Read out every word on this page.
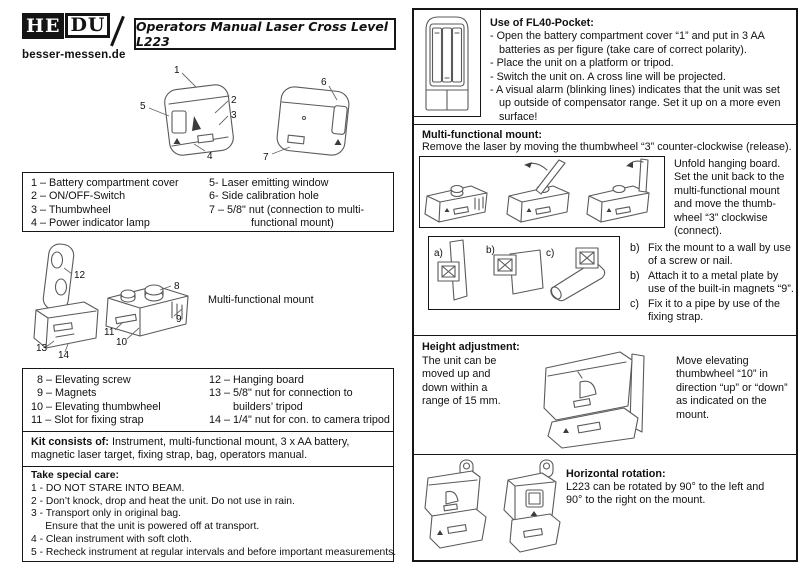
HE DÜ
besser-messen.de
Operators Manual Laser Cross Level L223
1
2
3
5
4
6
7
1 – Battery compartment cover
2 – ON/OFF-Switch
3 – Thumbwheel
4 – Power indicator lamp
5- Laser emitting window
6- Side calibration hole
7 – 5/8" nut (connection to multi-
functional mount)
12
8
9
11
10
13
14
Multi-functional mount
8 – Elevating screw
9 – Magnets
10 – Elevating thumbwheel
11 – Slot for fixing strap
12 – Hanging board
13 – 5/8" nut for connection to
builders’ tripod
14 – 1/4" nut for con. to camera tripod
Kit consists of: Instrument, multi-functional mount, 3 x AA battery, magnetic laser target, fixing strap, bag, operators manual.
Take special care:
1 - DO NOT STARE INTO BEAM.
2 - Don’t knock, drop and heat the unit. Do not use in rain.
3 - Transport only in original bag.
Ensure that the unit is powered off at transport.
4 - Clean instrument with soft cloth.
5 - Recheck instrument at regular intervals and before important measurements.
Use of FL40-Pocket:
- Open the battery compartment cover “1” and put in 3 AA batteries as per figure (take care of correct polarity).
- Place the unit on a platform or tripod.
- Switch the unit on. A cross line will be projected.
- A visual alarm (blinking lines) indicates that the unit was set up outside of compensator range. Set it up on a more even surface!
Multi-functional mount:
Remove the laser by moving the thumbwheel “3” counter-clockwise (release).
Unfold hanging board. Set the unit back to the multi-functional mount and move the thumb-wheel “3” clockwise (connect).
a)	b)	c)	b) Fix the mount to a wall by use of a screw or nail.
b) Attach it to a metal plate by use of the built-in magnets “9”.
c) Fix it to a pipe by use of the fixing strap.
Height adjustment:
The unit can be moved up and down within a range of 15 mm.
Move elevating thumbwheel “10” in direction “up” or “down” as indicated on the mount.
Horizontal rotation:
L223 can be rotated by 90° to the left and 90° to the right on the mount.
